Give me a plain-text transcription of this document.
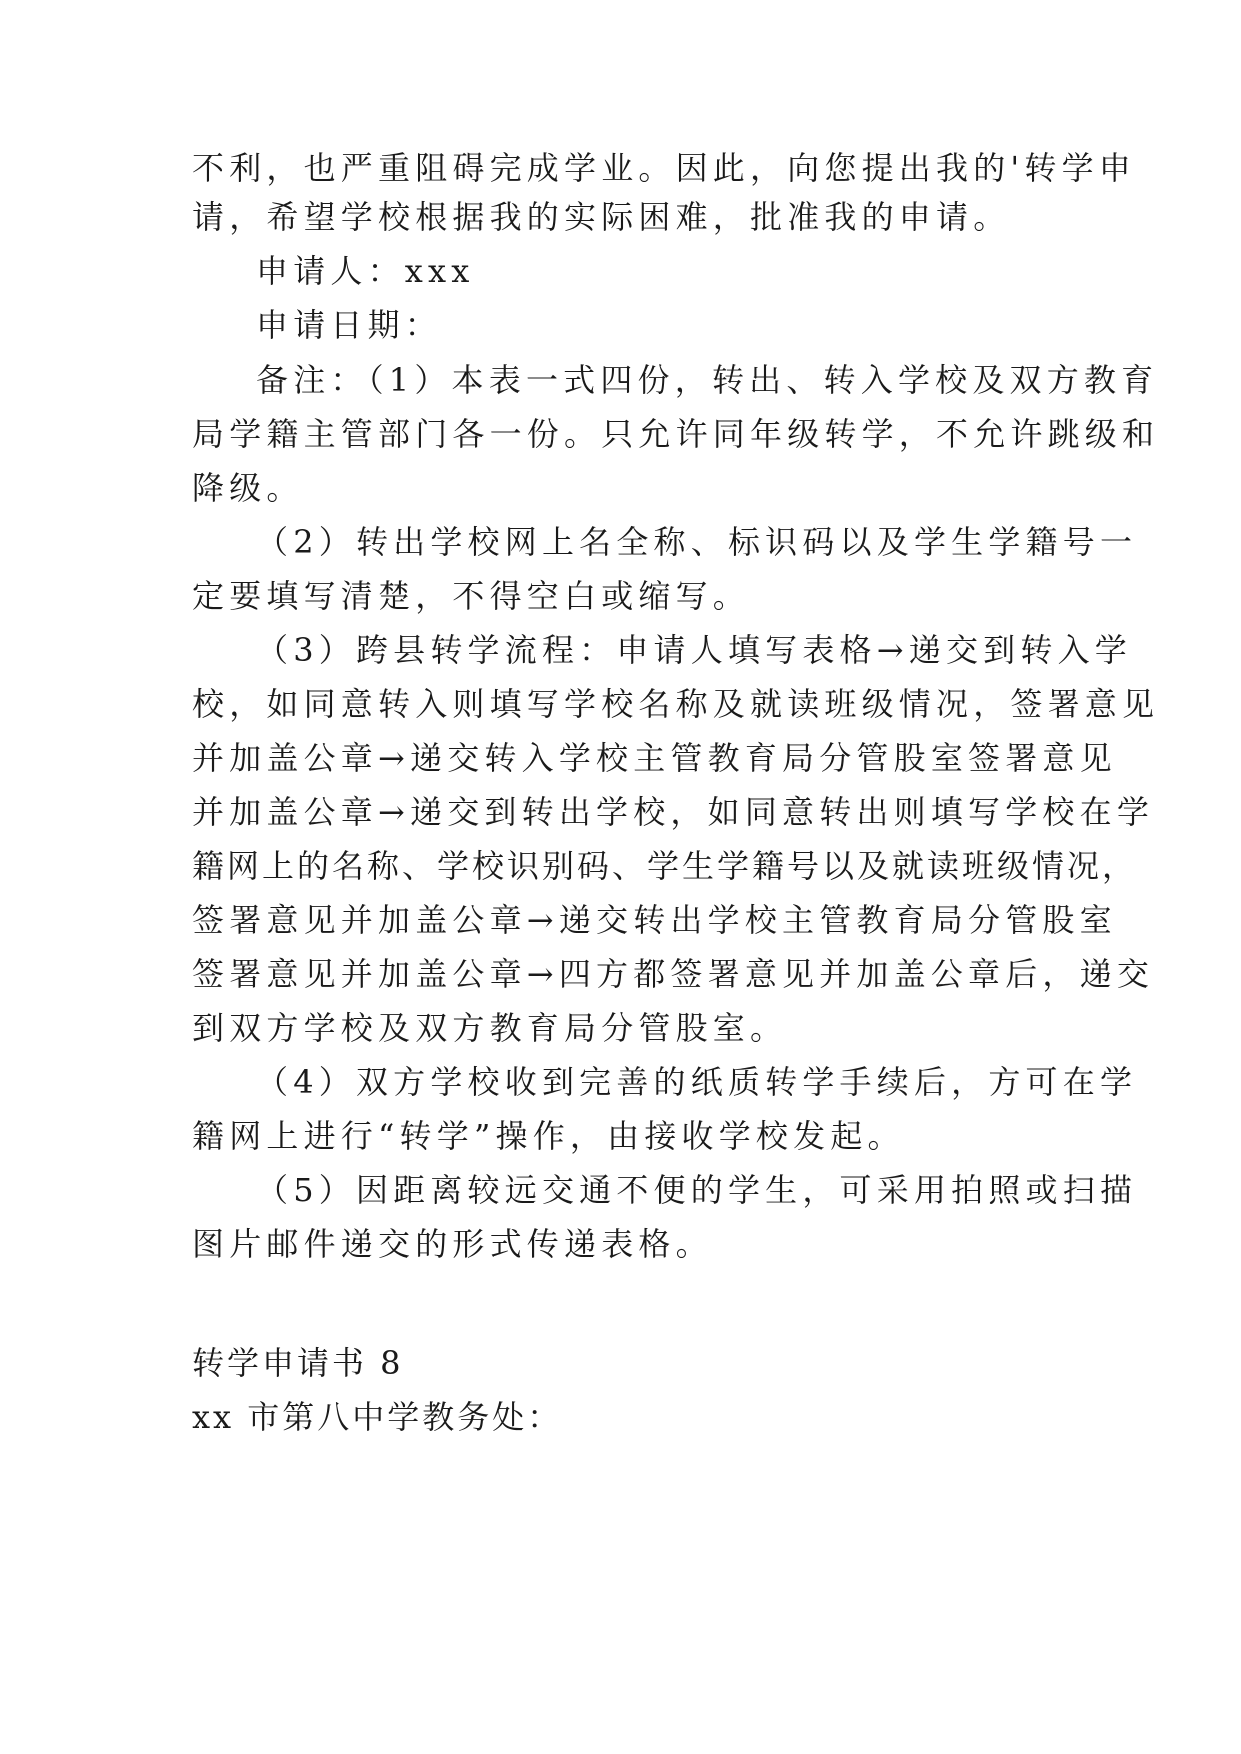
不利，也严重阻碍完成学业。因此，向您提出我的'转学申
请，希望学校根据我的实际困难，批准我的申请。
申请人：xxx
申请日期：
备注：（1）本表一式四份，转出、转入学校及双方教育
局学籍主管部门各一份。只允许同年级转学，不允许跳级和
降级。
（2）转出学校网上名全称、标识码以及学生学籍号一
定要填写清楚，不得空白或缩写。
（3）跨县转学流程：申请人填写表格→递交到转入学
校，如同意转入则填写学校名称及就读班级情况，签署意见
并加盖公章→递交转入学校主管教育局分管股室签署意见
并加盖公章→递交到转出学校，如同意转出则填写学校在学
籍网上的名称、学校识别码、学生学籍号以及就读班级情况，
签署意见并加盖公章→递交转出学校主管教育局分管股室
签署意见并加盖公章→四方都签署意见并加盖公章后，递交
到双方学校及双方教育局分管股室。
（4）双方学校收到完善的纸质转学手续后，方可在学
籍网上进行“转学”操作，由接收学校发起。
（5）因距离较远交通不便的学生，可采用拍照或扫描
图片邮件递交的形式传递表格。
转学申请书 8
xx 市第八中学教务处：
